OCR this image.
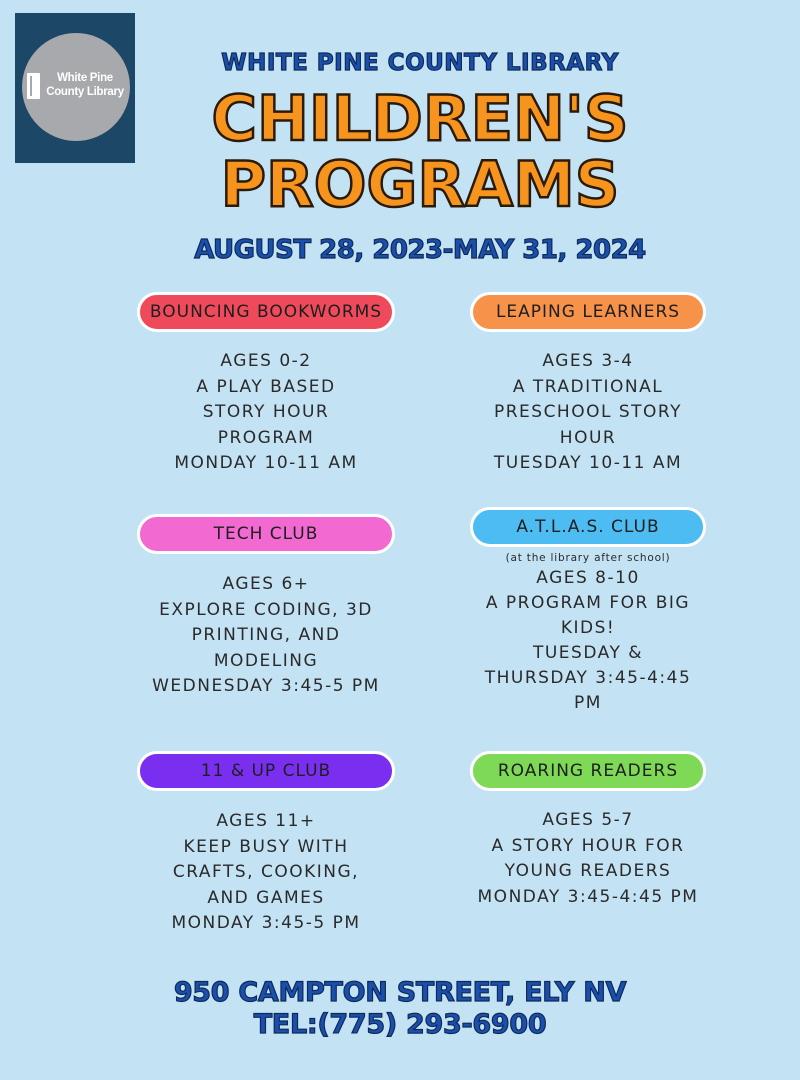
White Pine
County Library
WHITE PINE COUNTY LIBRARY
CHILDREN'S
PROGRAMS
AUGUST 28, 2023-MAY 31, 2024
BOUNCING BOOKWORMS
AGES 0-2
A PLAY BASED
STORY HOUR
PROGRAM
MONDAY 10-11 AM
LEAPING LEARNERS
AGES 3-4
A TRADITIONAL
PRESCHOOL STORY
HOUR
TUESDAY 10-11 AM
TECH CLUB
AGES 6+
EXPLORE CODING, 3D
PRINTING, AND
MODELING
WEDNESDAY 3:45-5 PM
A.T.L.A.S. CLUB
(at the library after school)
AGES 8-10
A PROGRAM FOR BIG
KIDS!
TUESDAY &
THURSDAY 3:45-4:45
PM
11 & UP CLUB
AGES 11+
KEEP BUSY WITH
CRAFTS, COOKING,
AND GAMES
MONDAY 3:45-5 PM
ROARING READERS
AGES 5-7
A STORY HOUR FOR
YOUNG READERS
MONDAY 3:45-4:45 PM
950 CAMPTON STREET, ELY NV
TEL:(775) 293-6900
